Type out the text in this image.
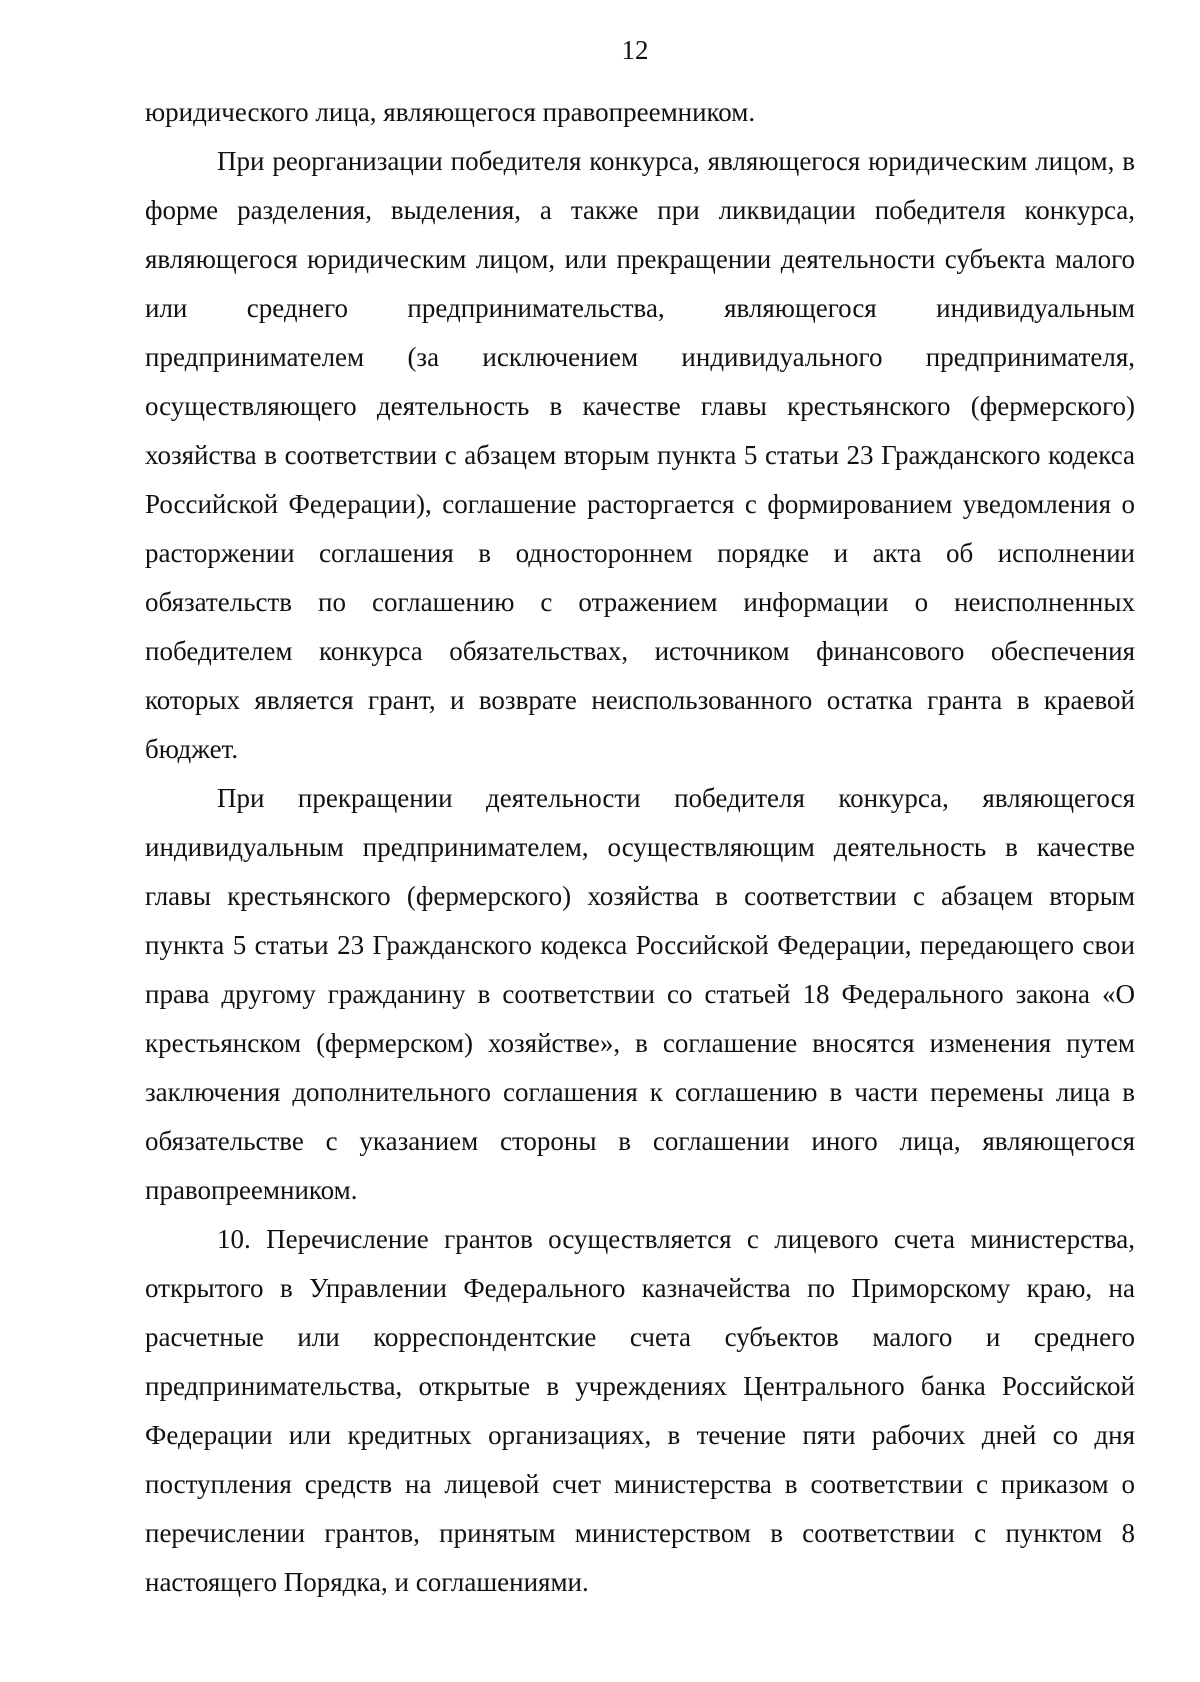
12

юридического лица, являющегося правопреемником.

При реорганизации победителя конкурса, являющегося юридическим лицом, в форме разделения, выделения, а также при ликвидации победителя конкурса, являющегося юридическим лицом, или прекращении деятельности субъекта малого или среднего предпринимательства, являющегося индивидуальным предпринимателем (за исключением индивидуального предпринимателя, осуществляющего деятельность в качестве главы крестьянского (фермерского) хозяйства в соответствии с абзацем вторым пункта 5 статьи 23 Гражданского кодекса Российской Федерации), соглашение расторгается с формированием уведомления о расторжении соглашения в одностороннем порядке и акта об исполнении обязательств по соглашению с отражением информации о неисполненных победителем конкурса обязательствах, источником финансового обеспечения которых является грант, и возврате неиспользованного остатка гранта в краевой бюджет.

При прекращении деятельности победителя конкурса, являющегося индивидуальным предпринимателем, осуществляющим деятельность в качестве главы крестьянского (фермерского) хозяйства в соответствии с абзацем вторым пункта 5 статьи 23 Гражданского кодекса Российской Федерации, передающего свои права другому гражданину в соответствии со статьей 18 Федерального закона «О крестьянском (фермерском) хозяйстве», в соглашение вносятся изменения путем заключения дополнительного соглашения к соглашению в части перемены лица в обязательстве с указанием стороны в соглашении иного лица, являющегося правопреемником.

10. Перечисление грантов осуществляется с лицевого счета министерства, открытого в Управлении Федерального казначейства по Приморскому краю, на расчетные или корреспондентские счета субъектов малого и среднего предпринимательства, открытые в учреждениях Центрального банка Российской Федерации или кредитных организациях, в течение пяти рабочих дней со дня поступления средств на лицевой счет министерства в соответствии с приказом о перечислении грантов, принятым министерством в соответствии с пунктом 8 настоящего Порядка, и соглашениями.
